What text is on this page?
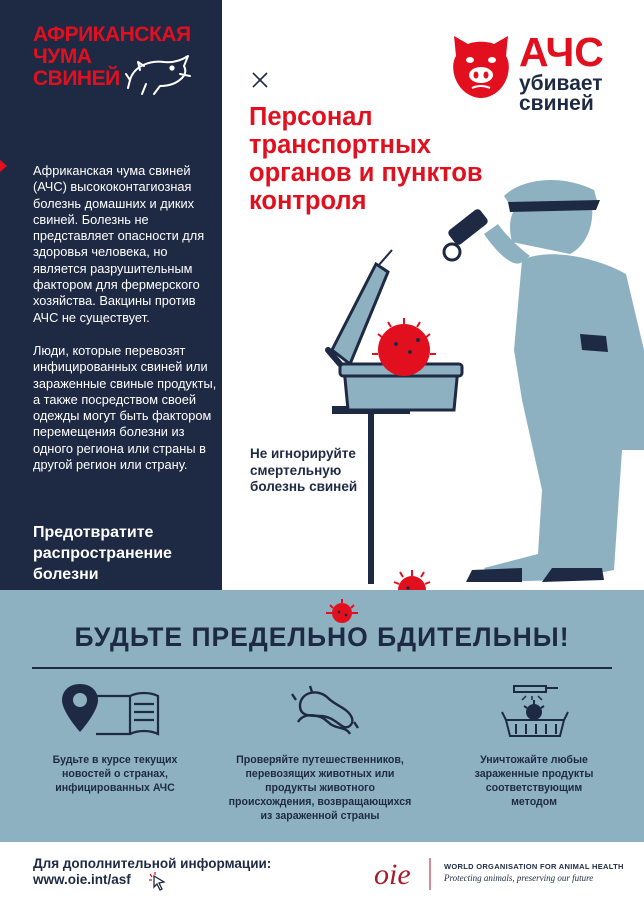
АФРИКАНСКАЯ
ЧУМА
СВИНЕЙ

Африканская чума свиней (АЧС) высококонтагиозная болезнь домашних и диких свиней. Болезнь не представляет опасности для здоровья человека, но является разрушительным фактором для фермерского хозяйства. Вакцины против АЧС не существует.

Люди, которые перевозят инфицированных свиней или зараженные свиные продукты, а также посредством своей одежды могут быть фактором перемещения болезни из одного региона или страны в другой регион или страну.

Предотвратите распространение болезни
Персонал транспортных органов и пунктов контроля
АЧС
убивает
свиней
Не игнорируйте смертельную болезнь свиней
БУДЬТЕ ПРЕДЕЛЬНО БДИТЕЛЬНЫ!
Будьте в курсе текущих новостей о странах, инфицированных АЧС
Проверяйте путешественников, перевозящих животных или продукты животного происхождения, возвращающихся из зараженной страны
Уничтожайте любые зараженные продукты соответствующим методом
Для дополнительной информации:
www.oie.int/asf	oie	WORLD ORGANISATION FOR ANIMAL HEALTH
Protecting animals, preserving our future
